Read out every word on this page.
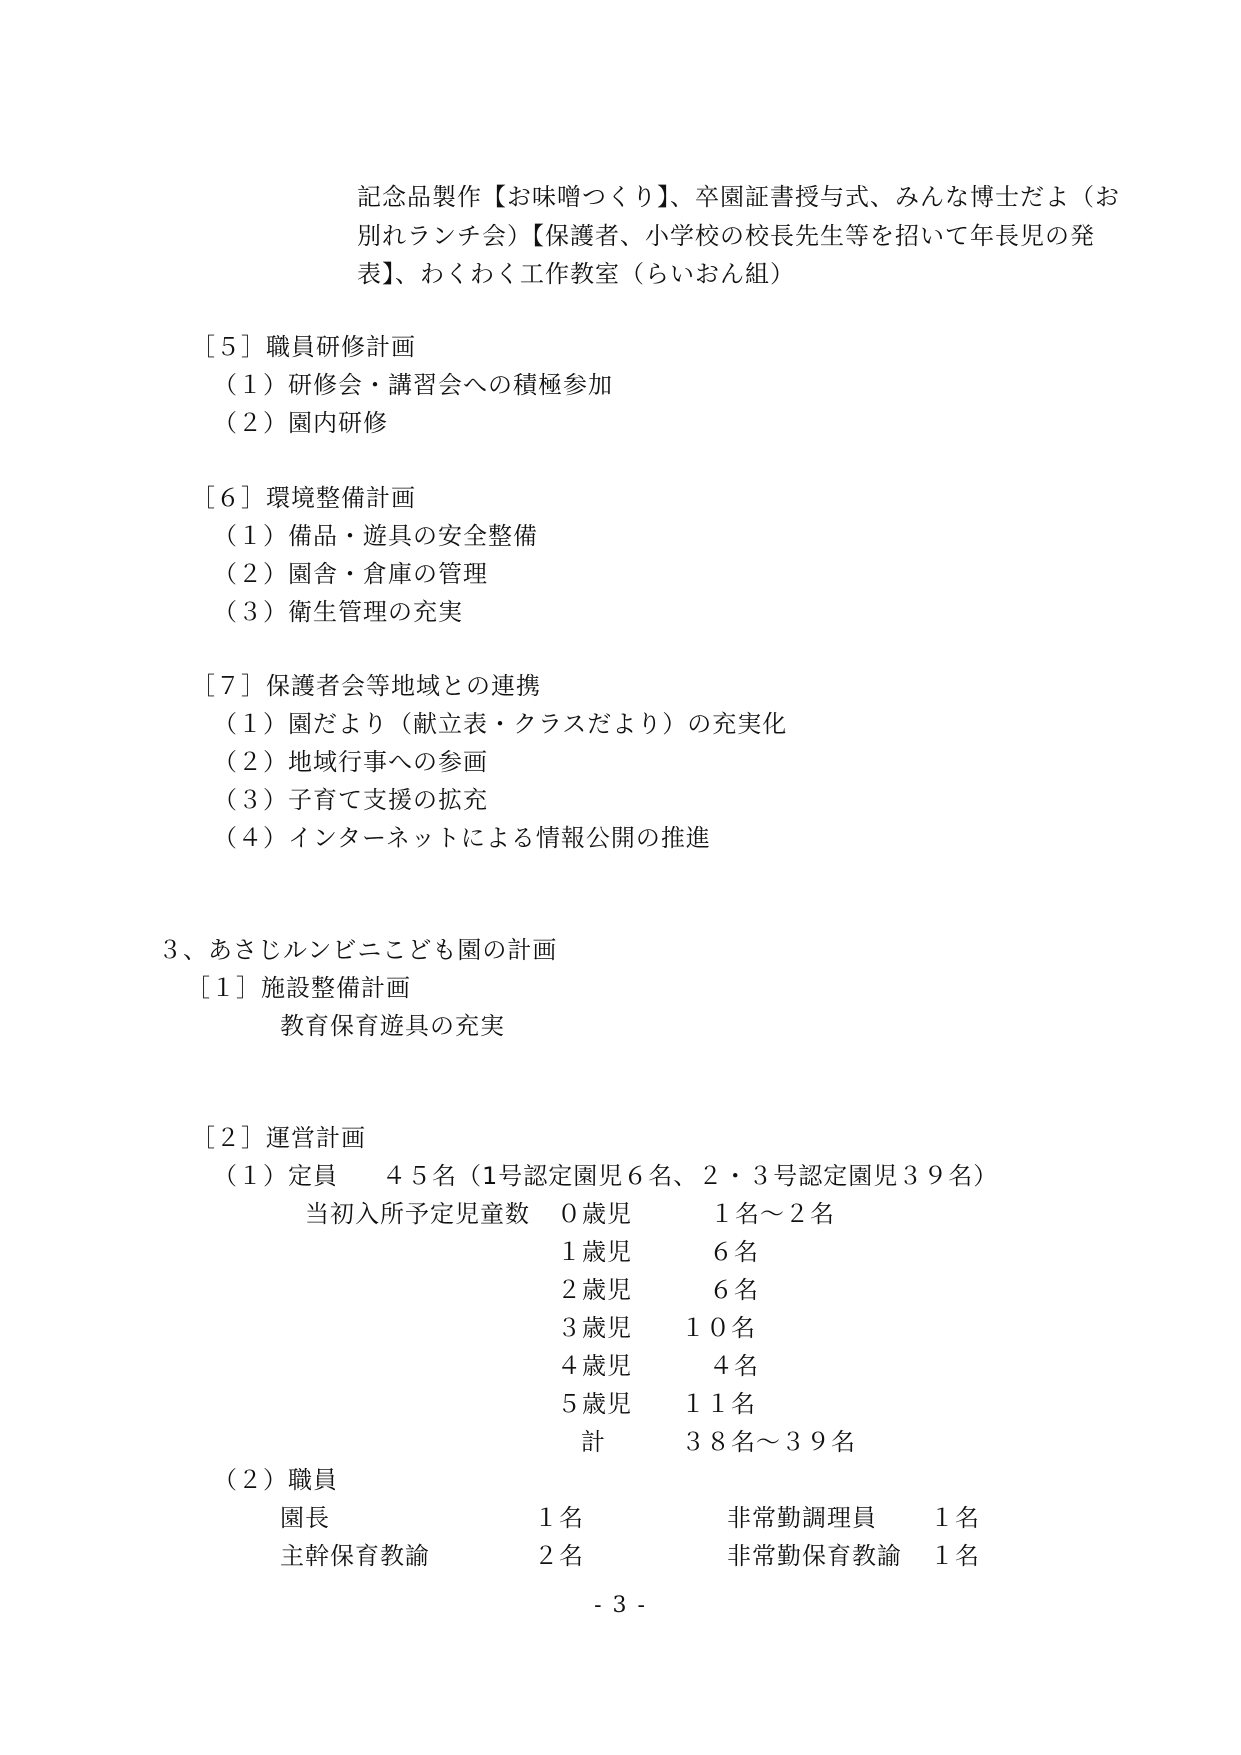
記念品製作【お味噌つくり】、卒園証書授与式、みんな博士だよ（お
別れランチ会）【保護者、小学校の校長先生等を招いて年長児の発
表】、わくわく工作教室（らいおん組）
［５］職員研修計画
（１）研修会・講習会への積極参加
（２）園内研修
［６］環境整備計画
（１）備品・遊具の安全整備
（２）園舎・倉庫の管理
（３）衛生管理の充実
［７］保護者会等地域との連携
（１）園だより（献立表・クラスだより）の充実化
（２）地域行事への参画
（３）子育て支援の拡充
（４）インターネットによる情報公開の推進
３、あさじルンビニこども園の計画
［１］施設整備計画
教育保育遊具の充実
［２］運営計画
（１）定員 ４５名（1号認定園児６名、２・３号認定園児３９名）
当初入所予定児童数 ０歳児	１名～２名
１歳児	６名
２歳児	６名
３歳児 １０名
４歳児	４名
５歳児 １１名
計	３８名～３９名
（２）職員
園長	１名	非常勤調理員 １名
主幹保育教諭	２名	非常勤保育教諭 １名
- 3 -
